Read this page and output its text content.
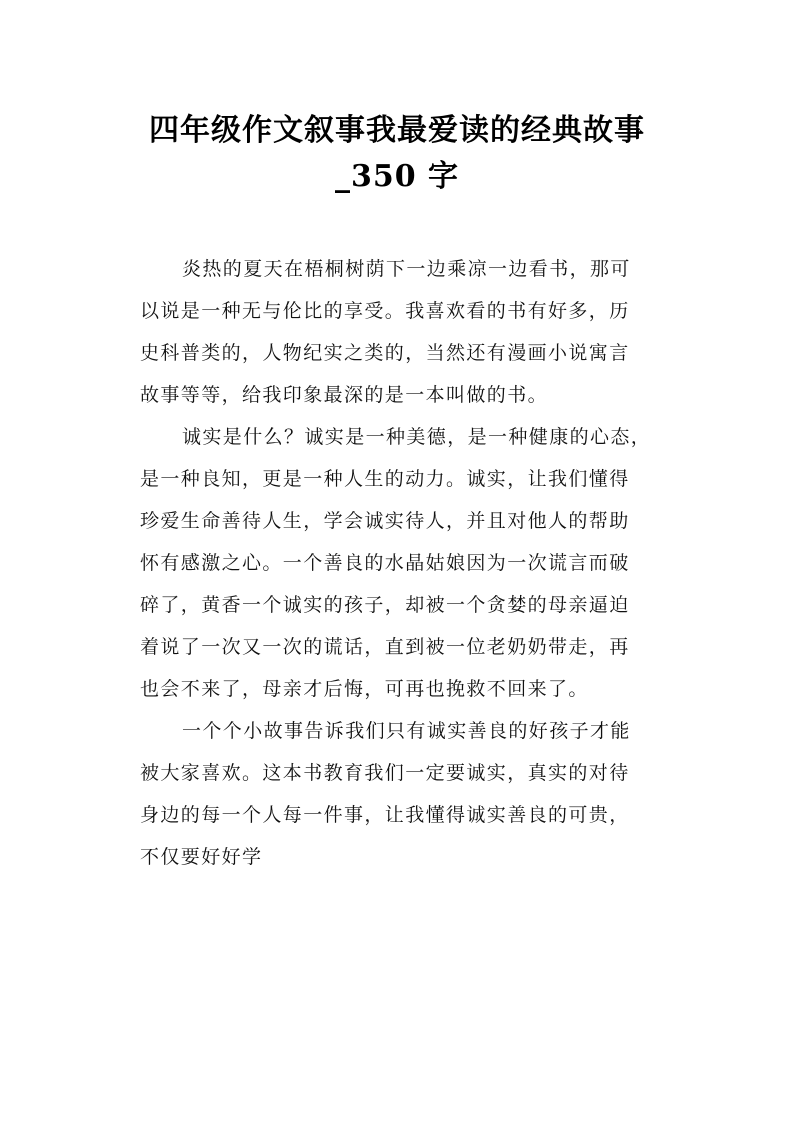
四年级作文叙事我最爱读的经典故事
_350 字
炎热的夏天在梧桐树荫下一边乘凉一边看书，那可
以说是一种无与伦比的享受。我喜欢看的书有好多，历
史科普类的，人物纪实之类的，当然还有漫画小说寓言
故事等等，给我印象最深的是一本叫做的书。
诚实是什么？诚实是一种美德，是一种健康的心态，
是一种良知，更是一种人生的动力。诚实，让我们懂得
珍爱生命善待人生，学会诚实待人，并且对他人的帮助
怀有感激之心。一个善良的水晶姑娘因为一次谎言而破
碎了，黄香一个诚实的孩子，却被一个贪婪的母亲逼迫
着说了一次又一次的谎话，直到被一位老奶奶带走，再
也会不来了，母亲才后悔，可再也挽救不回来了。
一个个小故事告诉我们只有诚实善良的好孩子才能
被大家喜欢。这本书教育我们一定要诚实，真实的对待
身边的每一个人每一件事，让我懂得诚实善良的可贵，
不仅要好好学
